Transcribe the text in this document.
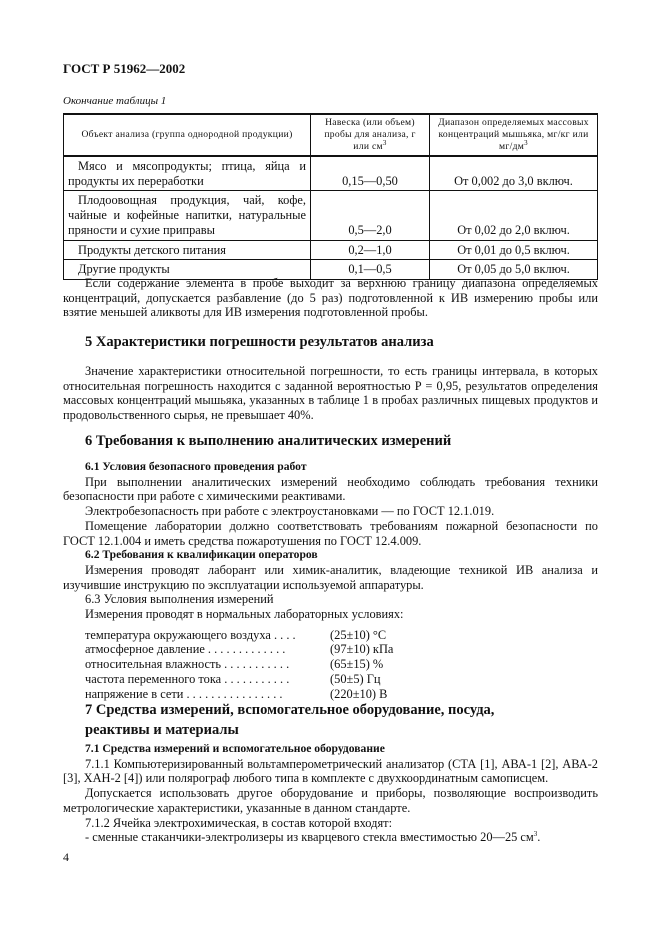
ГОСТ Р 51962—2002
Окончание таблицы 1
Объект анализа (группа однородной продукции)	Навеска (или объем) пробы для анализа, г или $см^3$	Диапазон определяемых массовых концентраций мышьяка, мг/кг или $мг/дм^3$
Мясо и мясопродукты; птица, яйца и продукты их переработки	0,15—0,50	От 0,002 до 3,0 включ.
Плодоовощная продукция, чай, кофе, чайные и кофейные напитки, натуральные пряности и сухие приправы	0,5—2,0	От 0,02 до 2,0 включ.
Продукты детского питания	0,2—1,0	От 0,01 до 0,5 включ.
Другие продукты	0,1—0,5	От 0,05 до 5,0 включ.

Если содержание элемента в пробе выходит за верхнюю границу диапазона определяемых концентраций, допускается разбавление (до 5 раз) подготовленной к ИВ измерению пробы или взятие меньшей аликвоты для ИВ измерения подготовленной пробы.

5 Характеристики погрешности результатов анализа

Значение характеристики относительной погрешности, то есть границы интервала, в которых относительная погрешность находится с заданной вероятностью P = 0,95, результатов определения массовых концентраций мышьяка, указанных в таблице 1 в пробах различных пищевых продуктов и продовольственного сырья, не превышает 40%.

6 Требования к выполнению аналитических измерений

6.1 Условия безопасного проведения работ

При выполнении аналитических измерений необходимо соблюдать требования техники безопасности при работе с химическими реактивами.

Электробезопасность при работе с электроустановками — по ГОСТ 12.1.019.

Помещение лаборатории должно соответствовать требованиям пожарной безопасности по ГОСТ 12.1.004 и иметь средства пожаротушения по ГОСТ 12.4.009.

6.2 Требования к квалификации операторов

Измерения проводят лаборант или химик-аналитик, владеющие техникой ИВ анализа и изучившие инструкцию по эксплуатации используемой аппаратуры.

6.3 Условия выполнения измерений

Измерения проводят в нормальных лабораторных условиях:

температура окружающего воздуха . . . .	(25±10) °С
атмосферное давление . . . . . . . . . . . . .	(97±10) кПа
относительная влажность . . . . . . . . . . .	(65±15) %
частота переменного тока . . . . . . . . . . .	(50±5) Гц
напряжение в сети . . . . . . . . . . . . . . . .	(220±10) В
7 Средства измерений, вспомогательное оборудование, посуда, реактивы и материалы

7.1 Средства измерений и вспомогательное оборудование

7.1.1 Компьютеризированный вольтамперометрический анализатор (СТА [1], АВА-1 [2], АВА-2 [3], ХАН-2 [4]) или полярограф любого типа в комплекте с двухкоординатным самописцем.

Допускается использовать другое оборудование и приборы, позволяющие воспроизводить метрологические характеристики, указанные в данном стандарте.

7.1.2 Ячейка электрохимическая, в состав которой входят:

- сменные стаканчики-электролизеры из кварцевого стекла вместимостью 20—25 $см^3$.

4
